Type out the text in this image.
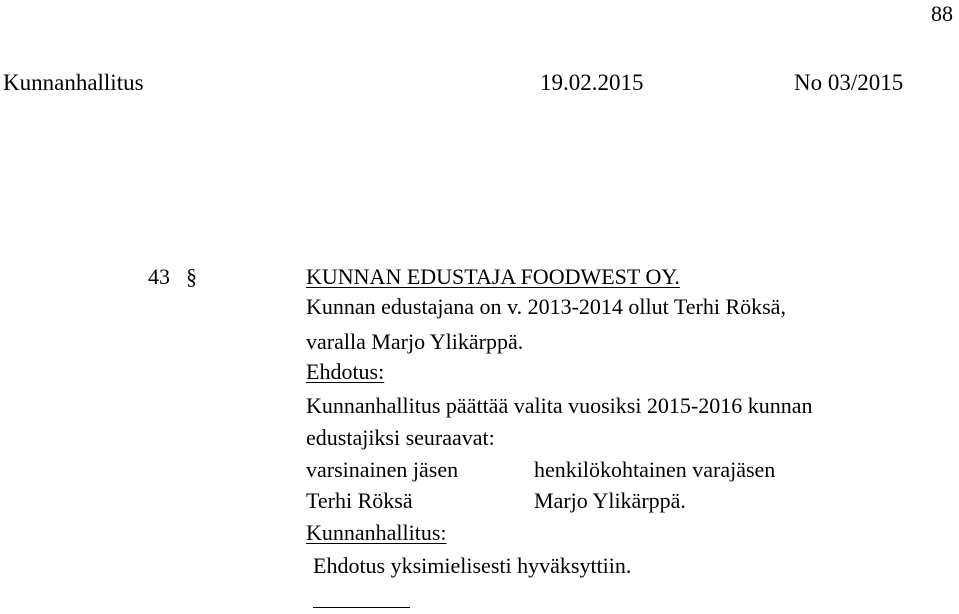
88
Kunnanhallitus	19.02.2015	No 03/2015
43 §	KUNNAN EDUSTAJA FOODWEST OY.
Kunnan edustajana on v. 2013-2014 ollut Terhi Röksä,
varalla Marjo Ylikärppä.
Ehdotus:
Kunnanhallitus päättää valita vuosiksi 2015-2016 kunnan
edustajiksi seuraavat:
varsinainen jäsen	henkilökohtainen varajäsen
Terhi Röksä	Marjo Ylikärppä.
Kunnanhallitus:
Ehdotus yksimielisesti hyväksyttiin.
